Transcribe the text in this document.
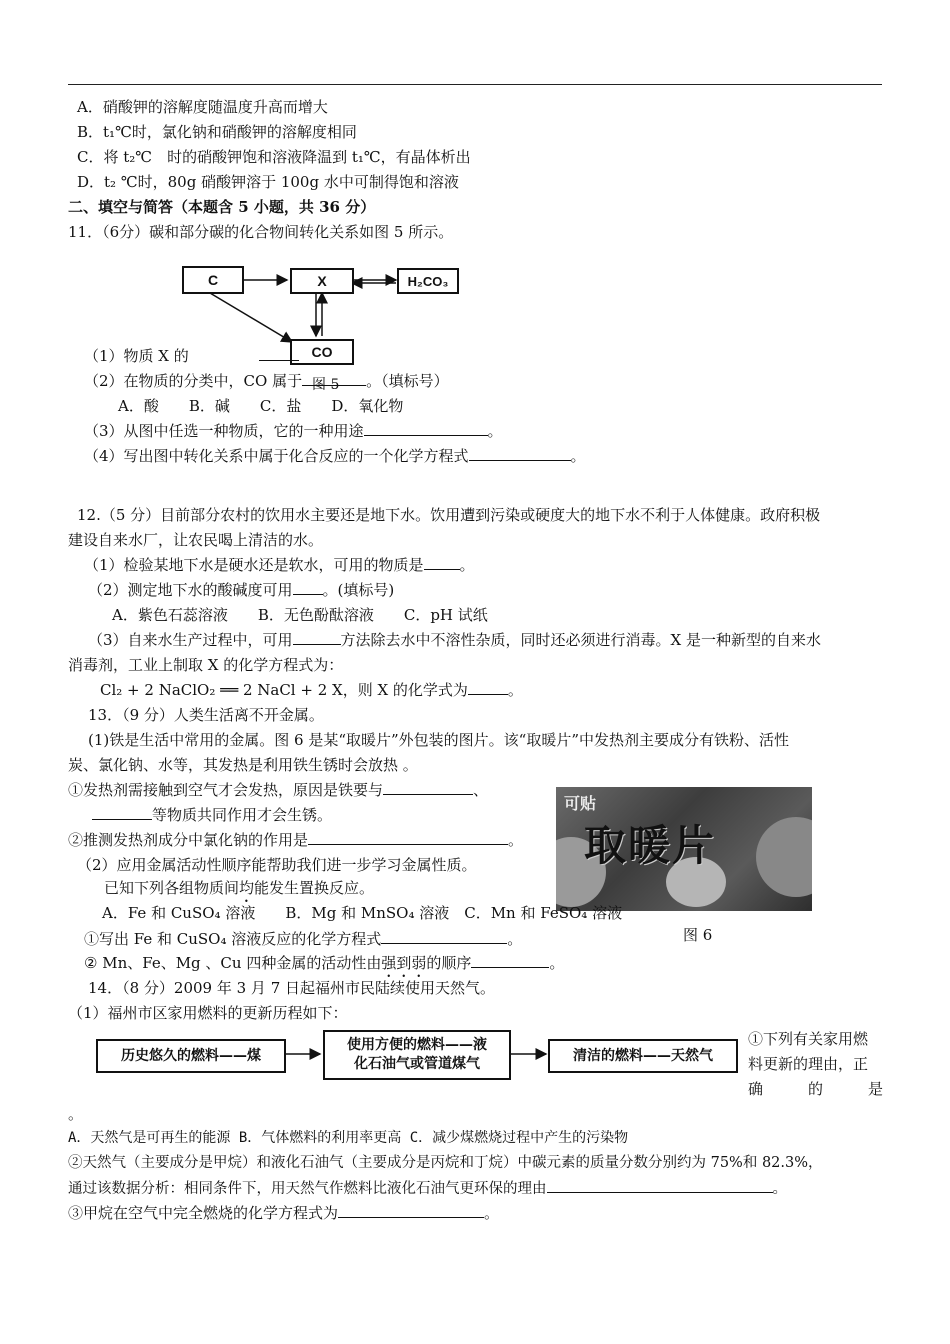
A．硝酸钾的溶解度随温度升高而增大
B．t₁℃时，氯化钠和硝酸钾的溶解度相同
C．将 t₂℃　时的硝酸钾饱和溶液降温到 t₁℃，有晶体析出
D．t₂ ℃时，80g 硝酸钾溶于 100g 水中可制得饱和溶液
二、填空与简答（本题含 5 小题，共 36 分）
11．（6分）碳和部分碳的化合物间转化关系如图 5 所示。
C	X	H₂CO₃
CO
（1）物质 X 的
（2）在物质的分类中，CO 属于	。（填标号）
图 5
A．酸　　B．碱　　C．盐　　D．氧化物
（3）从图中任选一种物质，它的一种用途	。
（4）写出图中转化关系中属于化合反应的一个化学方程式	。
12.（5 分）目前部分农村的饮用水主要还是地下水。饮用遭到污染或硬度大的地下水不利于人体健康。政府积极
建设自来水厂，让农民喝上清洁的水。
（1）检验某地下水是硬水还是软水，可用的物质是 。
（2）测定地下水的酸碱度可用 。(填标号)
A．紫色石蕊溶液　　B．无色酚酞溶液　　C．pH 试纸
（3）自来水生产过程中，可用	方法除去水中不溶性杂质，同时还必须进行消毒。X 是一种新型的自来水
消毒剂，工业上制取 X 的化学方程式为：
Cl₂ + 2 NaClO₂ ══ 2 NaCl + 2 X，则 X 的化学式为	。
13．（9 分）人类生活离不开金属。
(1)铁是生活中常用的金属。图 6 是某“取暖片”外包装的图片。该“取暖片”中发热剂主要成分有铁粉、活性
炭、氯化钠、水等，其发热是利用铁生锈时会放热 。
①发热剂需接触到空气才会发热，原因是铁要与	、
等物质共同作用才会生锈。
②推测发热剂成分中氯化钠的作用是	。
（2）应用金属活动性顺序能帮助我们进一步学习金属性质。
已知下列各组物质间均能发生置换反应。
可贴
取暖片
图 6
A．Fe 和 CuSO₄ 溶液　　B．Mg 和 MnSO₄ 溶液　C．Mn 和 FeSO₄ 溶液
①写出 Fe 和 CuSO₄ 溶液反应的化学方程式	。
② Mn、Fe、Mg 、Cu 四种金属的活动性由强到弱的顺序	。
14．（8 分）2009 年 3 月 7 日起福州市民陆续使用天然气。
（1）福州市区家用燃料的更新历程如下：
历史悠久的燃料——煤
使用方便的燃料——液
化石油气或管道煤气
清洁的燃料——天然气
①下列有关家用燃
料更新的理由，正
确　　　的　　　是
。
A．天然气是可再生的能源 B．气体燃料的利用率更高 C．减少煤燃烧过程中产生的污染物
②天然气（主要成分是甲烷）和液化石油气（主要成分是丙烷和丁烷）中碳元素的质量分数分别约为 75%和 82.3%，
通过该数据分析：相同条件下，用天然气作燃料比液化石油气更环保的理由	。
③甲烷在空气中完全燃烧的化学方程式为	。
